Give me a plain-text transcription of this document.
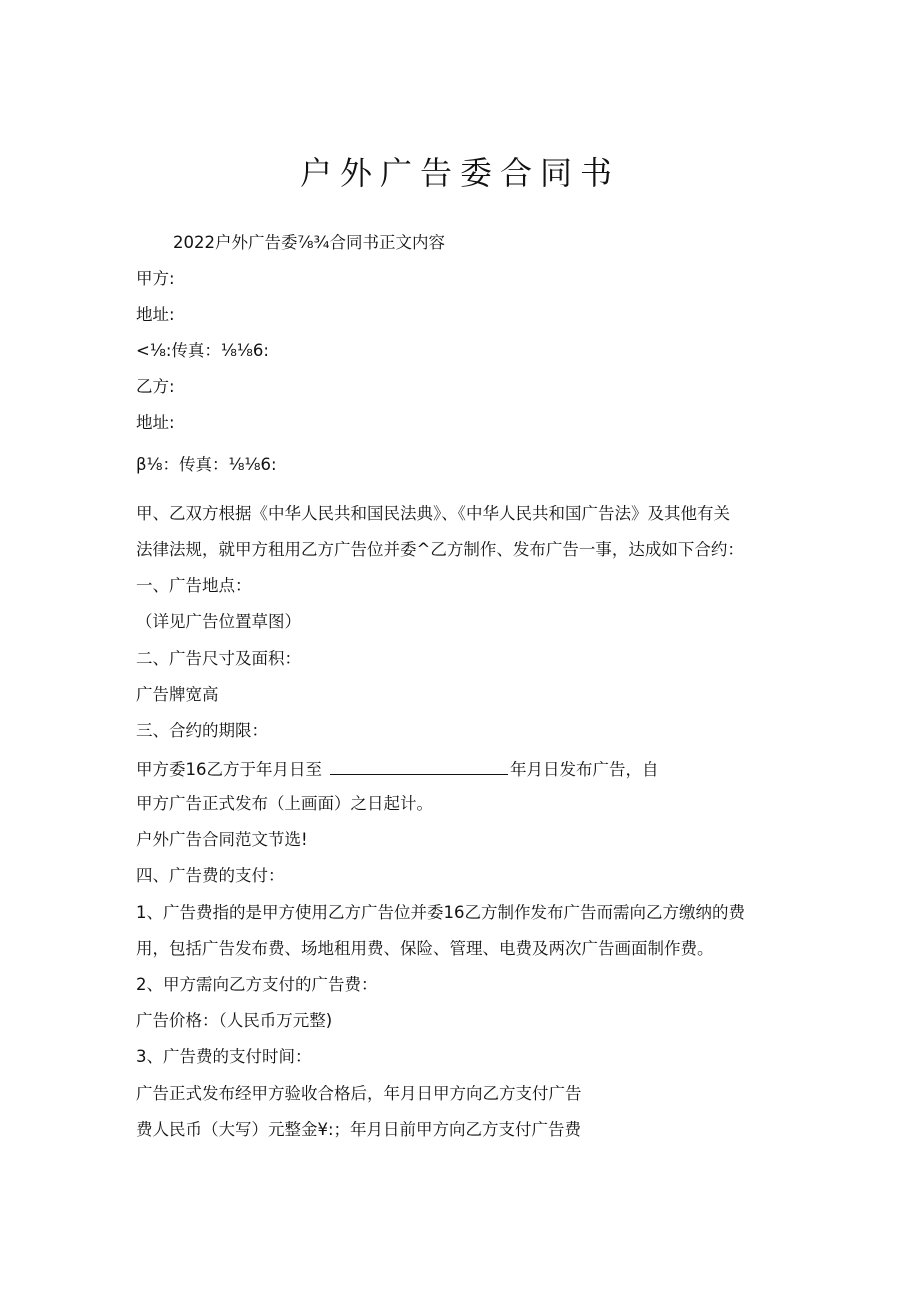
户外广告委合同书

2022户外广告委⅞¾合同书正文内容

甲方:

地址:

<⅛:传真：⅛⅛6:

乙方:

地址:

β⅛：传真：⅛⅛6:

甲、乙双方根据《中华人民共和国民法典》、《中华人民共和国广告法》及其他有关

法律法规，就甲方租用乙方广告位并委^乙方制作、发布广告一事，达成如下合约：

一、广告地点：

（详见广告位置草图）

二、广告尺寸及面积：

广告牌宽高

三、合约的期限：

甲方委16乙方于年月日至	年月日发布广告，自

甲方广告正式发布（上画面）之日起计。

户外广告合同范文节选!

四、广告费的支付：

1、广告费指的是甲方使用乙方广告位并委16乙方制作发布广告而需向乙方缴纳的费

用，包括广告发布费、场地租用费、保险、管理、电费及两次广告画面制作费。

2、甲方需向乙方支付的广告费：

广告价格：（人民币万元整)

3、广告费的支付时间：

广告正式发布经甲方验收合格后，年月日甲方向乙方支付广告

费人民币（大写）元整金¥:；年月日前甲方向乙方支付广告费
